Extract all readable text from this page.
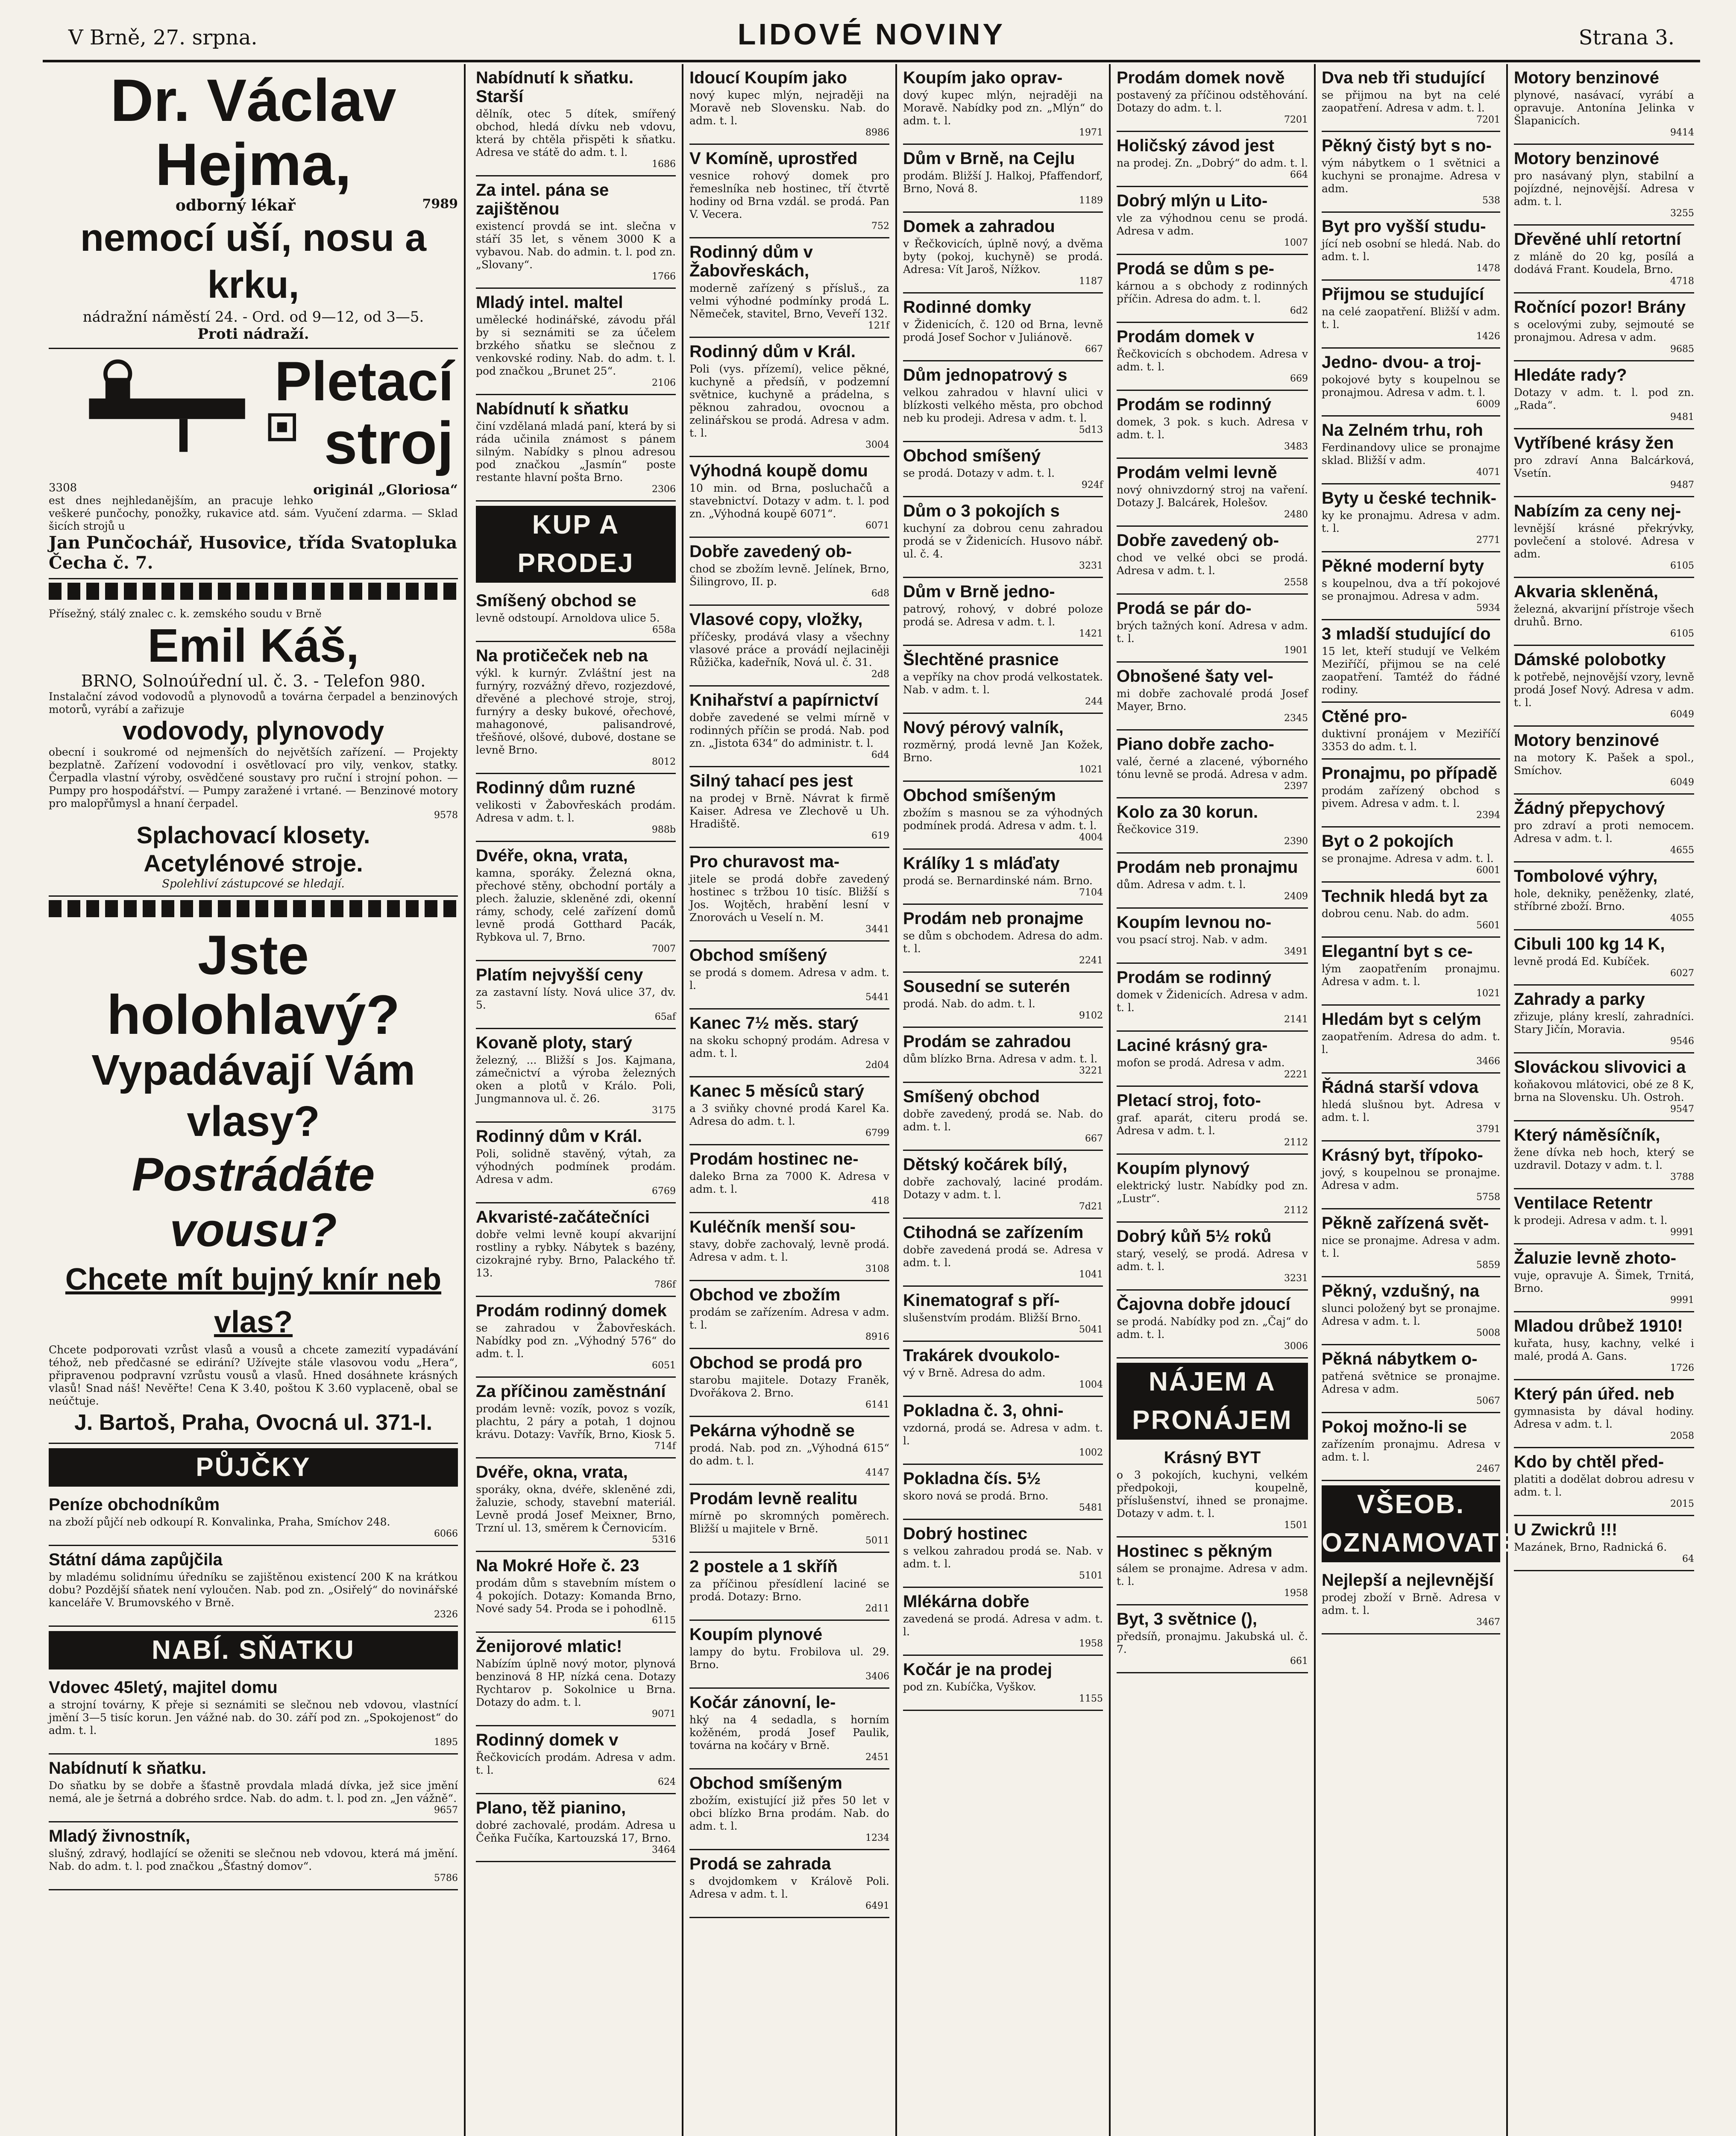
V Brně, 27. srpna.	LIDOVÉ NOVINY	Strana 3.
Dr. Václav Hejma,
odborný lékař	7989
nemocí uší, nosu a krku,
nádražní náměstí 24. - Ord. od 9—12, od 3—5.
Proti nádraží.
Pletací
stroj
3308	originál „Gloriosa“

est dnes nejhledanějším, an pracuje lehko veškeré punčochy, ponožky, rukavice atd. sám. Vyučení zdarma. — Sklad šicích strojů u

Jan Punčochář, Husovice, třída Svatopluka Čecha č. 7.

Přísežný, stálý znalec c. k. zemského soudu v Brně

Emil Káš,
BRNO, Solnoúřední ul. č. 3. - Telefon 980.

Instalační závod vodovodů a plynovodů a továrna čerpadel a benzinových motorů, vyrábí a zařizuje

vodovody, plynovody

obecní i soukromé od nejmenších do největších zařízení. — Projekty bezplatně. Zařízení vodovodní i osvětlovací pro vily, venkov, statky. Čerpadla vlastní výroby, osvědčené soustavy pro ruční i strojní pohon. — Pumpy pro hospodářství. — Pumpy zaražené i vrtané. — Benzinové motory pro malopřůmysl a hnaní čerpadel.

9578
Splachovací klosety.
Acetylénové stroje.
Spolehliví zástupcové se hledají.
Jste holohlavý?
Vypadávají Vám vlasy?
Postrádáte vousu?
Chcete mít bujný knír neb vlas?

Chcete podporovati vzrůst vlasů a vousů a chcete zamezití vypadávání téhož, neb předčasné se edirání? Užívejte stále vlasovou vodu „Hera“, připravenou podpravní vzrůstu vousů a vlasů. Hned dosáhnete krásných vlasů! Snad náš! Nevěřte! Cena K 3.40, poštou K 3.60 vyplaceně, obal se neúčtuje.

J. Bartoš, Praha, Ovocná ul. 371-I.
PŮJČKY
Peníze obchodníkům

na zboží půjčí neb odkoupí R. Konvalinka, Praha, Smíchov 248.

6066
Státní dáma zapůjčila

by mladému solidnímu úředníku se zajištěnou existencí 200 K na krátkou dobu? Pozdější sňatek není vyloučen. Nab. pod zn. „Osiřelý“ do novinářské kanceláře V. Brumovského v Brně.

2326
NABÍ. SŇATKU
Vdovec 45letý, majitel domu

a strojní továrny, K přeje si seznámiti se slečnou neb vdovou, vlastnící jmění 3—5 tisíc korun. Jen vážné nab. do 30. září pod zn. „Spokojenost“ do adm. t. l.

1895
Nabídnutí k sňatku.

Do sňatku by se dobře a šťastně provdala mladá dívka, jež sice jmění nemá, ale je šetrná a dobrého srdce. Nab. do adm. t. l. pod zn. „Jen vážně“.

9657
Mladý živnostník,

slušný, zdravý, hodlající se oženiti se slečnou neb vdovou, která má jmění. Nab. do adm. t. l. pod značkou „Šťastný domov“.

5786
Nabídnutí k sňatku. Starší

dělník, otec 5 dítek, smířený obchod, hledá dívku neb vdovu, která by chtěla přispěti k sňatku. Adresa ve státě do adm. t. l.

1686
Za intel. pána se zajištěnou

existencí provdá se int. slečna v stáří 35 let, s věnem 3000 K a vybavou. Nab. do admin. t. l. pod zn. „Slovany“.

1766
Mladý intel. maltel

umělecké hodinářské, závodu přál by si seznámiti se za účelem brzkého sňatku se slečnou z venkovské rodiny. Nab. do adm. t. l. pod značkou „Brunet 25“.

2106
Nabídnutí k sňatku

činí vzdělaná mladá paní, která by si ráda učinila známost s pánem silným. Nabídky s plnou adresou pod značkou „Jasmín“ poste restante hlavní pošta Brno.

2306
KUP A PRODEJ
Smíšený obchod se

levně odstoupí. Arnoldova ulice 5.

658a
Na protičeček neb na

výkl. k kurnýr. Zvláštní jest na furnýry, rozvážný dřevo, rozjezdové, dřevěné a plechové stroje, stroj, furnýry a desky bukové, ořechové, mahagonové, palisandrové, třešňové, olšové, dubové, dostane se levně Brno.

8012
Rodinný dům ruzné

velikosti v Žabovřeskách prodám. Adresa v adm. t. l.

988b
Dvéře, okna, vrata,

kamna, sporáky. Železná okna, přechové stěny, obchodní portály a plech. žaluzie, skleněné zdi, okenní rámy, schody, celé zařízení domů levně prodá Gotthard Pacák, Rybkova ul. 7, Brno.

7007
Platím nejvyšší ceny

za zastavní lísty. Nová ulice 37, dv. 5.

65af
Kovaně ploty, starý

železný, ... Bližší s Jos. Kajmana, zámečnictví a výroba železných oken a plotů v Králo. Poli, Jungmannova ul. č. 26.

3175
Rodinný dům v Král.

Poli, solidně stavěný, výtah, za výhodných podmínek prodám. Adresa v adm.

6769
Akvaristé-začátečníci

dobře velmi levně koupí akvarijní rostliny a rybky. Nábytek s bazény, cizokrajné ryby. Brno, Palackého tř. 13.

786f
Prodám rodinný domek

se zahradou v Žabovřeskách. Nabídky pod zn. „Výhodný 576“ do adm. t. l.

6051
Za příčinou zaměstnání

prodám levně: vozík, povoz s vozík, plachtu, 2 páry a potah, 1 dojnou krávu. Dotazy: Vavřík, Brno, Kiosk 5.

714f
Dvéře, okna, vrata,

sporáky, okna, dvéře, skleněné zdi, žaluzie, schody, stavební materiál. Levně prodá Josef Meixner, Brno, Trzní ul. 13, směrem k Černovicím.

5316
Na Mokré Hoře č. 23

prodám dům s stavebním místem o 4 pokojích. Dotazy: Komanda Brno, Nové sady 54. Proda se i pohodlně.

6115
Ženijorové mlatic!

Nabízím úplně nový motor, plynová benzinová 8 HP, nízká cena. Dotazy Rychtarov p. Sokolnice u Brna. Dotazy do adm. t. l.

9071
Rodinný domek v

Řečkovicích prodám. Adresa v adm. t. l.

624
Plano, těž pianino,

dobré zachovalé, prodám. Adresa u Čeňka Fučíka, Kartouzská 17, Brno.

3464
Idoucí Koupím jako

nový kupec mlýn, nejraději na Moravě neb Slovensku. Nab. do adm. t. l.

8986
V Komíně, uprostřed

vesnice rohový domek pro řemeslníka neb hostinec, tří čtvrtě hodiny od Brna vzdál. se prodá. Pan V. Vecera.

752
Rodinný dům v Žabovřeskách,

moderně zařízený s přísluš., za velmi výhodné podmínky prodá L. Němeček, stavitel, Brno, Veveří 132.

121f
Rodinný dům v Král.

Poli (vys. přízemí), velice pěkné, kuchyně a předsíň, v podzemní světnice, kuchyně a prádelna, s pěknou zahradou, ovocnou a zelinářskou se prodá. Adresa v adm. t. l.

3004
Výhodná koupě domu

10 min. od Brna, posluchačů a stavebnictví. Dotazy v adm. t. l. pod zn. „Výhodná koupě 6071“.

6071
Dobře zavedený ob-

chod se zbožím levně. Jelínek, Brno, Šilingrovo, II. p.

6d8
Vlasové copy, vložky,

příčesky, prodává vlasy a všechny vlasové práce a provádí nejlaciněji Růžička, kadeřník, Nová ul. č. 31.

2d8
Knihařství a papírnictví

dobře zavedené se velmi mírně v rodinných příčin se prodá. Nab. pod zn. „Jistota 634“ do administr. t. l.

6d4
Silný tahací pes jest

na prodej v Brně. Návrat k firmě Kaiser. Adresa ve Zlechově u Uh. Hradiště.

619
Pro churavost ma-

jitele se prodá dobře zavedený hostinec s tržbou 10 tisíc. Bližší s Jos. Wojtěch, hrabění lesní v Znorovách u Veselí n. M.

3441
Obchod smíšený

se prodá s domem. Adresa v adm. t. l.

5441
Kanec 7½ měs. starý

na skoku schopný prodám. Adresa v adm. t. l.

2d04
Kanec 5 měsíců starý

a 3 sviňky chovné prodá Karel Ka. Adresa do adm. t. l.

6799
Prodám hostinec ne-

daleko Brna za 7000 K. Adresa v adm. t. l.

418
Kuléčník menší sou-

stavy, dobře zachovalý, levně prodá. Adresa v adm. t. l.

3108
Obchod ve zbožím

prodám se zařízením. Adresa v adm. t. l.

8916
Obchod se prodá pro

starobu majitele. Dotazy Franěk, Dvořákova 2. Brno.

6141
Pekárna výhodně se

prodá. Nab. pod zn. „Výhodná 615“ do adm. t. l.

4147
Prodám levně realitu

mírně po skromných poměrech. Bližší u majitele v Brně.

5011
2 postele a 1 skříň

za příčinou přesídlení laciné se prodá. Dotazy: Brno.

2d11
Koupím plynové

lampy do bytu. Frobilova ul. 29. Brno.

3406
Kočár zánovní, le-

hký na 4 sedadla, s horním kožěném, prodá Josef Paulik, továrna na kočáry v Brně.

2451
Obchod smíšeným

zbožím, existující již přes 50 let v obci blízko Brna prodám. Nab. do adm. t. l.

1234
Prodá se zahrada

s dvojdomkem v Králově Poli. Adresa v adm. t. l.

6491
Koupím jako oprav-

dový kupec mlýn, nejraději na Moravě. Nabídky pod zn. „Mlýn“ do adm. t. l.

1971
Dům v Brně, na Cejlu

prodám. Bližší J. Halkoj, Pfaffendorf, Brno, Nová 8.

1189
Domek a zahradou

v Řečkovicích, úplně nový, a dvěma byty (pokoj, kuchyně) se prodá. Adresa: Vít Jaroš, Nížkov.

1187
Rodinné domky

v Židenicích, č. 120 od Brna, levně prodá Josef Sochor v Juliánově.

667
Dům jednopatrový s

velkou zahradou v hlavní ulici v blízkosti velkého města, pro obchod neb ku prodeji. Adresa v adm. t. l.

5d13
Obchod smíšený

se prodá. Dotazy v adm. t. l.

924f
Dům o 3 pokojích s

kuchyní za dobrou cenu zahradou prodá se v Židenicích. Husovo nábř. ul. č. 4.

3231
Dům v Brně jedno-

patrový, rohový, v dobré poloze prodá se. Adresa v adm. t. l.

1421
Šlechtěné prasnice

a vepříky na chov prodá velkostatek. Nab. v adm. t. l.

244
Nový pérový valník,

rozměrný, prodá levně Jan Kožek, Brno.

1021
Obchod smíšeným

zbožím s masnou se za výhodných podmínek prodá. Adresa v adm. t. l.

4004
Králíky 1 s mláďaty

prodá se. Bernardinské nám. Brno.

7104
Prodám neb pronajme

se dům s obchodem. Adresa do adm. t. l.

2241
Sousední se suterén

prodá. Nab. do adm. t. l.

9102
Prodám se zahradou

dům blízko Brna. Adresa v adm. t. l.

3221
Smíšený obchod

dobře zavedený, prodá se. Nab. do adm. t. l.

667
Dětský kočárek bílý,

dobře zachovalý, laciné prodám. Dotazy v adm. t. l.

7d21
Ctihodná se zařízením

dobře zavedená prodá se. Adresa v adm. t. l.

1041
Kinematograf s pří-

slušenstvím prodám. Bližší Brno.

5041
Trakárek dvoukolo-

vý v Brně. Adresa do adm.

1004
Pokladna č. 3, ohni-

vzdorná, prodá se. Adresa v adm. t. l.

1002
Pokladna čís. 5½

skoro nová se prodá. Brno.

5481
Dobrý hostinec

s velkou zahradou prodá se. Nab. v adm. t. l.

5101
Mlékárna dobře

zavedená se prodá. Adresa v adm. t. l.

1958
Kočár je na prodej

pod zn. Kubíčka, Vyškov.

1155
Prodám domek nově

postavený za příčinou odstěhování. Dotazy do adm. t. l.

7201
Holičský závod jest

na prodej. Zn. „Dobrý“ do adm. t. l.

664
Dobrý mlýn u Lito-

vle za výhodnou cenu se prodá. Adresa v adm.

1007
Prodá se dům s pe-

kárnou a s obchody z rodinných příčin. Adresa do adm. t. l.

6d2
Prodám domek v

Řečkovicích s obchodem. Adresa v adm. t. l.

669
Prodám se rodinný

domek, 3 pok. s kuch. Adresa v adm. t. l.

3483
Prodám velmi levně

nový ohnivzdorný stroj na vaření. Dotazy J. Balcárek, Holešov.

2480
Dobře zavedený ob-

chod ve velké obci se prodá. Adresa v adm. t. l.

2558
Prodá se pár do-

brých tažných koní. Adresa v adm. t. l.

1901
Obnošené šaty vel-

mi dobře zachovalé prodá Josef Mayer, Brno.

2345
Piano dobře zacho-

valé, černé a zlacené, výborného tónu levně se prodá. Adresa v adm.

2397
Kolo za 30 korun.

Řečkovice 319.

2390
Prodám neb pronajmu

dům. Adresa v adm. t. l.

2409
Koupím levnou no-

vou psací stroj. Nab. v adm.

3491
Prodám se rodinný

domek v Židenicích. Adresa v adm. t. l.

2141
Laciné krásný gra-

mofon se prodá. Adresa v adm.

2221
Pletací stroj, foto-

graf. aparát, citeru prodá se. Adresa v adm. t. l.

2112
Koupím plynový

elektrický lustr. Nabídky pod zn. „Lustr“.

2112
Dobrý kůň 5½ roků

starý, veselý, se prodá. Adresa v adm. t. l.

3231
Čajovna dobře jdoucí

se prodá. Nabídky pod zn. „Čaj“ do adm. t. l.

3006
NÁJEM A PRONÁJEM
Krásný BYT

o 3 pokojích, kuchyni, velkém předpokoji, koupelně, příslušenství, ihned se pronajme. Dotazy v adm. t. l.

1501
Hostinec s pěkným

sálem se pronajme. Adresa v adm. t. l.

1958
Byt, 3 světnice (),

předsíň, pronajmu. Jakubská ul. č. 7.

661
Dva neb tři studující

se přijmou na byt na celé zaopatření. Adresa v adm. t. l.

7201
Pěkný čistý byt s no-

vým nábytkem o 1 světnici a kuchyni se pronajme. Adresa v adm.

538
Byt pro vyšší studu-

jící neb osobní se hledá. Nab. do adm. t. l.

1478
Přijmou se studující

na celé zaopatření. Bližší v adm. t. l.

1426
Jedno- dvou- a troj-

pokojové byty s koupelnou se pronajmou. Adresa v adm. t. l.

6009
Na Zelném trhu, roh

Ferdinandovy ulice se pronajme sklad. Bližší v adm.

4071
Byty u české technik-

ky ke pronajmu. Adresa v adm. t. l.

2771
Pěkné moderní byty

s koupelnou, dva a tří pokojové se pronajmou. Adresa v adm.

5934
3 mladší studující do

15 let, kteří studují ve Velkém Meziříčí, přijmou se na celé zaopatření. Tamtéž do řádné rodiny.

Ctěné pro-

duktivní pronájem v Meziříčí 3353 do adm. t. l.

Pronajmu, po případě

prodám zařízený obchod s pivem. Adresa v adm. t. l.

2394
Byt o 2 pokojích

se pronajme. Adresa v adm. t. l.

6001
Technik hledá byt za

dobrou cenu. Nab. do adm.

5601
Elegantní byt s ce-

lým zaopatřením pronajmu. Adresa v adm. t. l.

1021
Hledám byt s celým

zaopatřením. Adresa do adm. t. l.

3466
Řádná starší vdova

hledá slušnou byt. Adresa v adm. t. l.

3791
Krásný byt, třípoko-

jový, s koupelnou se pronajme. Adresa v adm.

5758
Pěkně zařízená svět-

nice se pronajme. Adresa v adm. t. l.

5859
Pěkný, vzdušný, na

slunci položený byt se pronajme. Adresa v adm. t. l.

5008
Pěkná nábytkem o-

patřená světnice se pronajme. Adresa v adm.

5067
Pokoj možno-li se

zařízením pronajmu. Adresa v adm. t. l.

2467
VŠEOB. OZNAMOVATEL
Nejlepší a nejlevnější

prodej zboží v Brně. Adresa v adm. t. l.

3467
Motory benzinové

plynové, nasávací, vyrábí a opravuje. Antonína Jelinka v Šlapanicích.

9414
Motory benzinové

pro nasávaný plyn, stabilní a pojízdné, nejnovější. Adresa v adm. t. l.

3255
Dřevěné uhlí retortní

z mláně do 20 kg, posílá a dodává Frant. Koudela, Brno.

4718
Ročnící pozor! Brány

s ocelovými zuby, sejmouté se pronajmou. Adresa v adm.

9685
Hledáte rady?

Dotazy v adm. t. l. pod zn. „Rada“.

9481
Vytříbené krásy žen

pro zdraví Anna Balcárková, Vsetín.

9487
Nabízím za ceny nej-

levnější krásné překrývky, povlečení a stolové. Adresa v adm.

6105
Akvaria skleněná,

železná, akvarijní přístroje všech druhů. Brno.

6105
Dámské polobotky

k potřebě, nejnovější vzory, levně prodá Josef Nový. Adresa v adm. t. l.

6049
Motory benzinové

na motory K. Pašek a spol., Smíchov.

6049
Žádný přepychový

pro zdraví a proti nemocem. Adresa v adm. t. l.

4655
Tombolové výhry,

hole, dekniky, peněženky, zlaté, stříbrné zboží. Brno.

4055
Cibuli 100 kg 14 K,

levně prodá Ed. Kubíček.

6027
Zahrady a parky

zřizuje, plány kreslí, zahradníci. Stary Jičín, Moravia.

9546
Slováckou slivovici a

koňakovou mlátovici, obé ze 8 K, brna na Slovensku. Uh. Ostroh.

9547
Který náměsíčník,

žene dívka neb hoch, který se uzdravil. Dotazy v adm. t. l.

3788
Ventilace Retentr

k prodeji. Adresa v adm. t. l.

9991
Žaluzie levně zhoto-

vuje, opravuje A. Šimek, Trnitá, Brno.

9991
Mladou drůbež 1910!

kuřata, husy, kachny, velké i malé, prodá A. Gans.

1726
Který pán úřed. neb

gymnasista by dával hodiny. Adresa v adm. t. l.

2058
Kdo by chtěl před-

platiti a dodělat dobrou adresu v adm. t. l.

2015
U Zwickrů !!!

Mazánek, Brno, Radnická 6.

64
